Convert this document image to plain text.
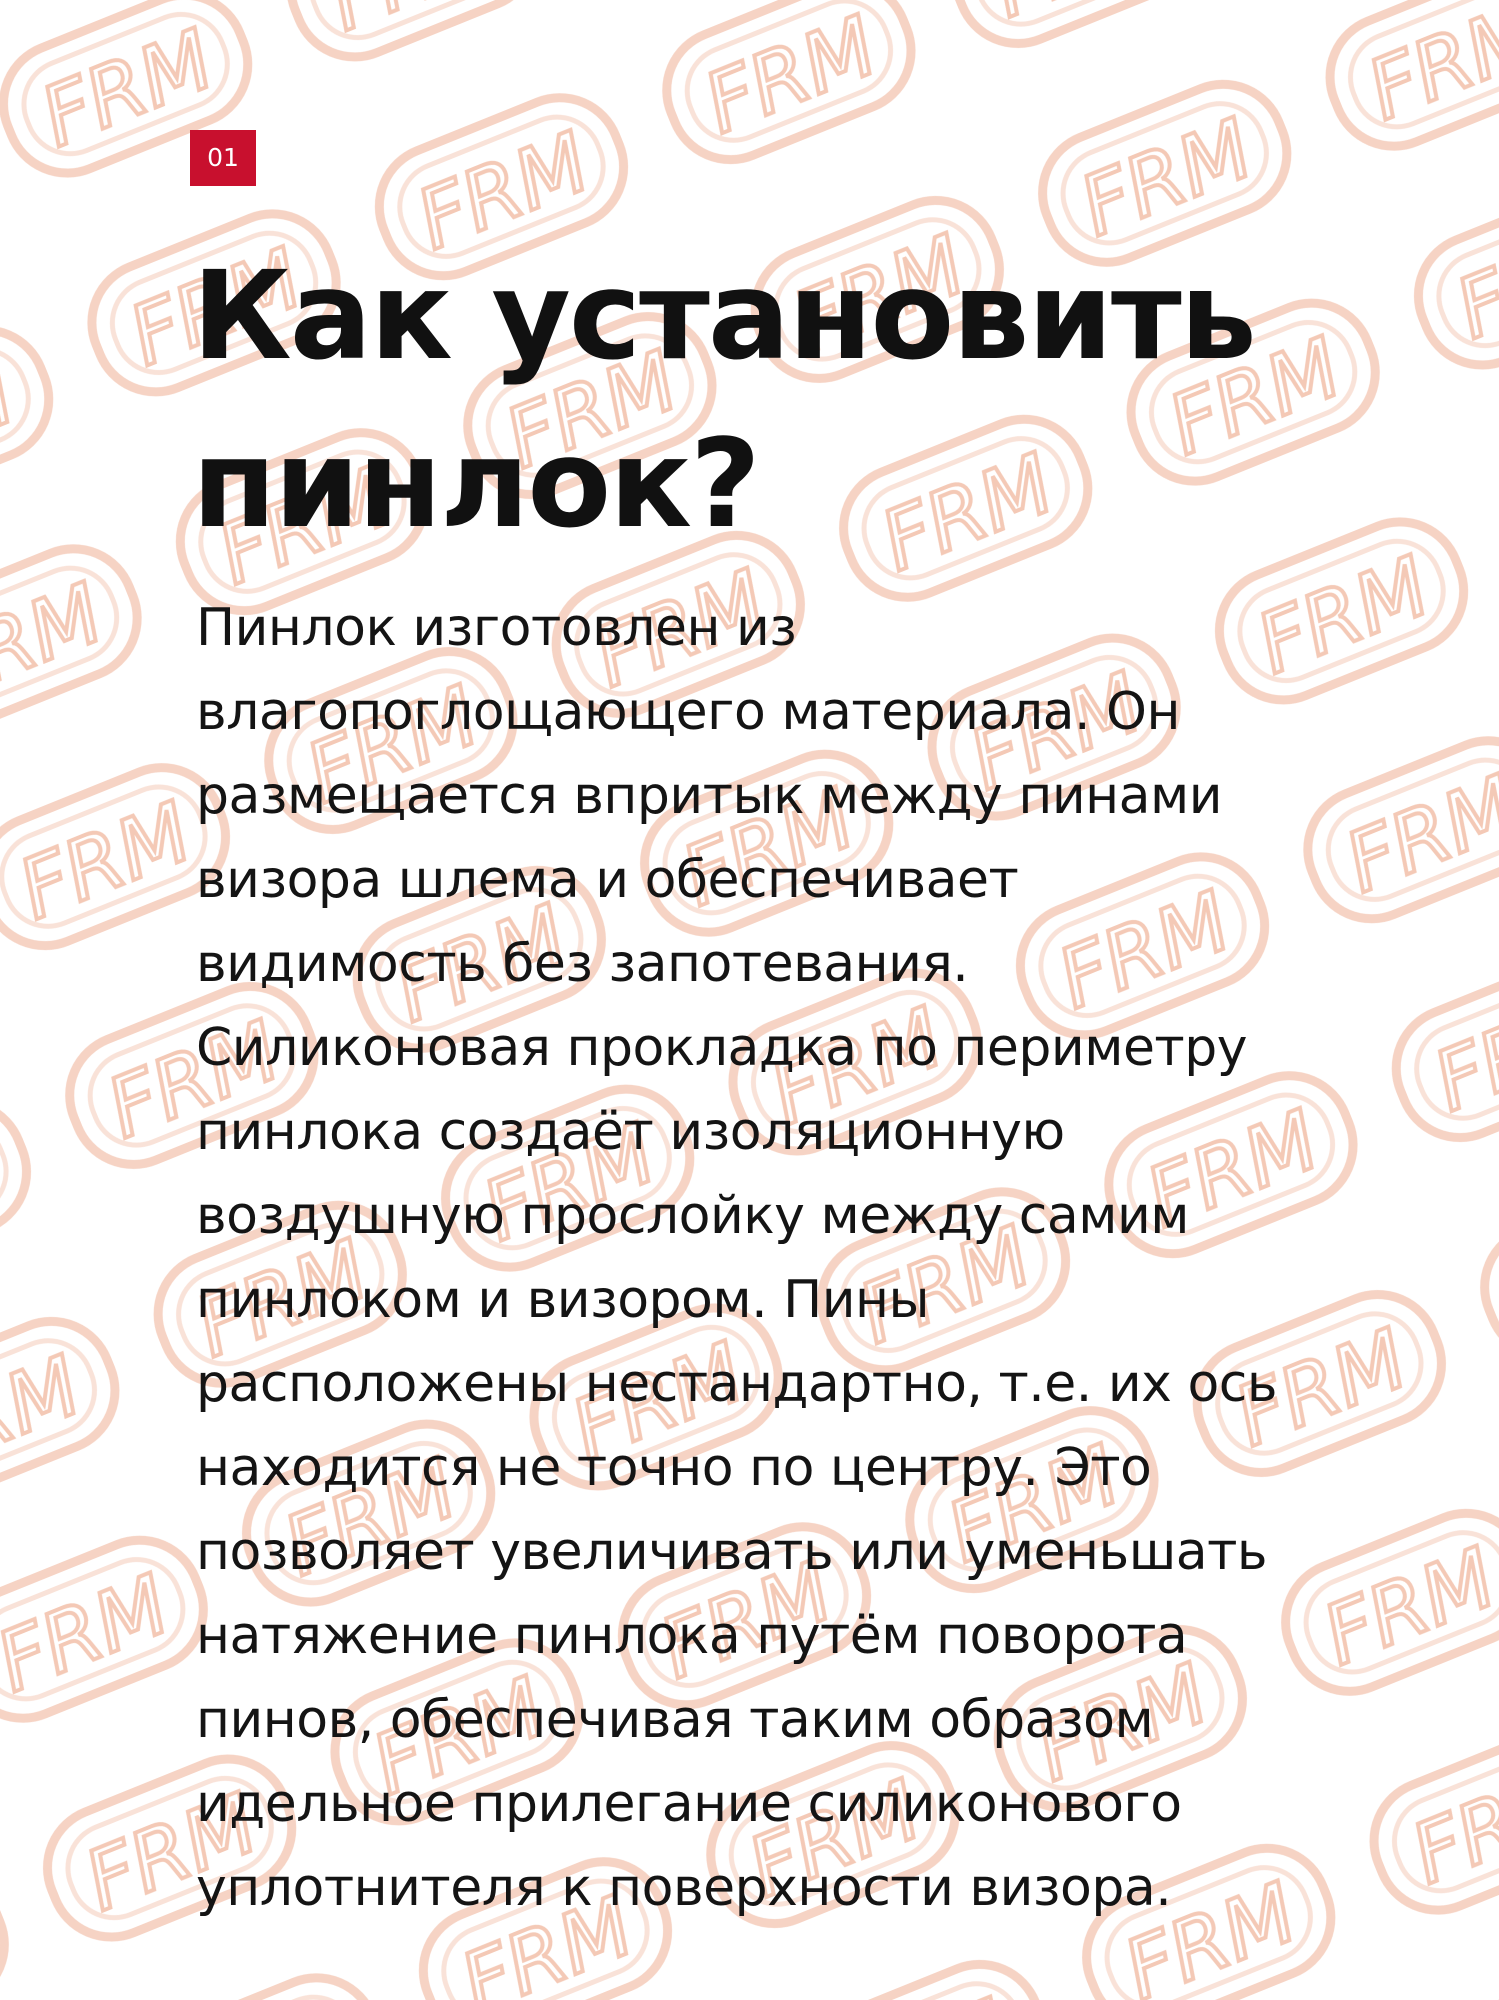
01
Как установить
пинлок?

Пинлок изготовлен из
влагопоглощающего материала. Он
размещается впритык между пинами
визора шлема и обеспечивает
видимость без запотевания.
Силиконовая прокладка по периметру
пинлока создаёт изоляционную
воздушную прослойку между самим
пинлоком и визором. Пины
расположены нестандартно, т.е. их ось
находится не точно по центру. Это
позволяет увеличивать или уменьшать
натяжение пинлока путём поворота
пинов, обеспечивая таким образом
идельное прилегание силиконового
уплотнителя к поверхности визора.
